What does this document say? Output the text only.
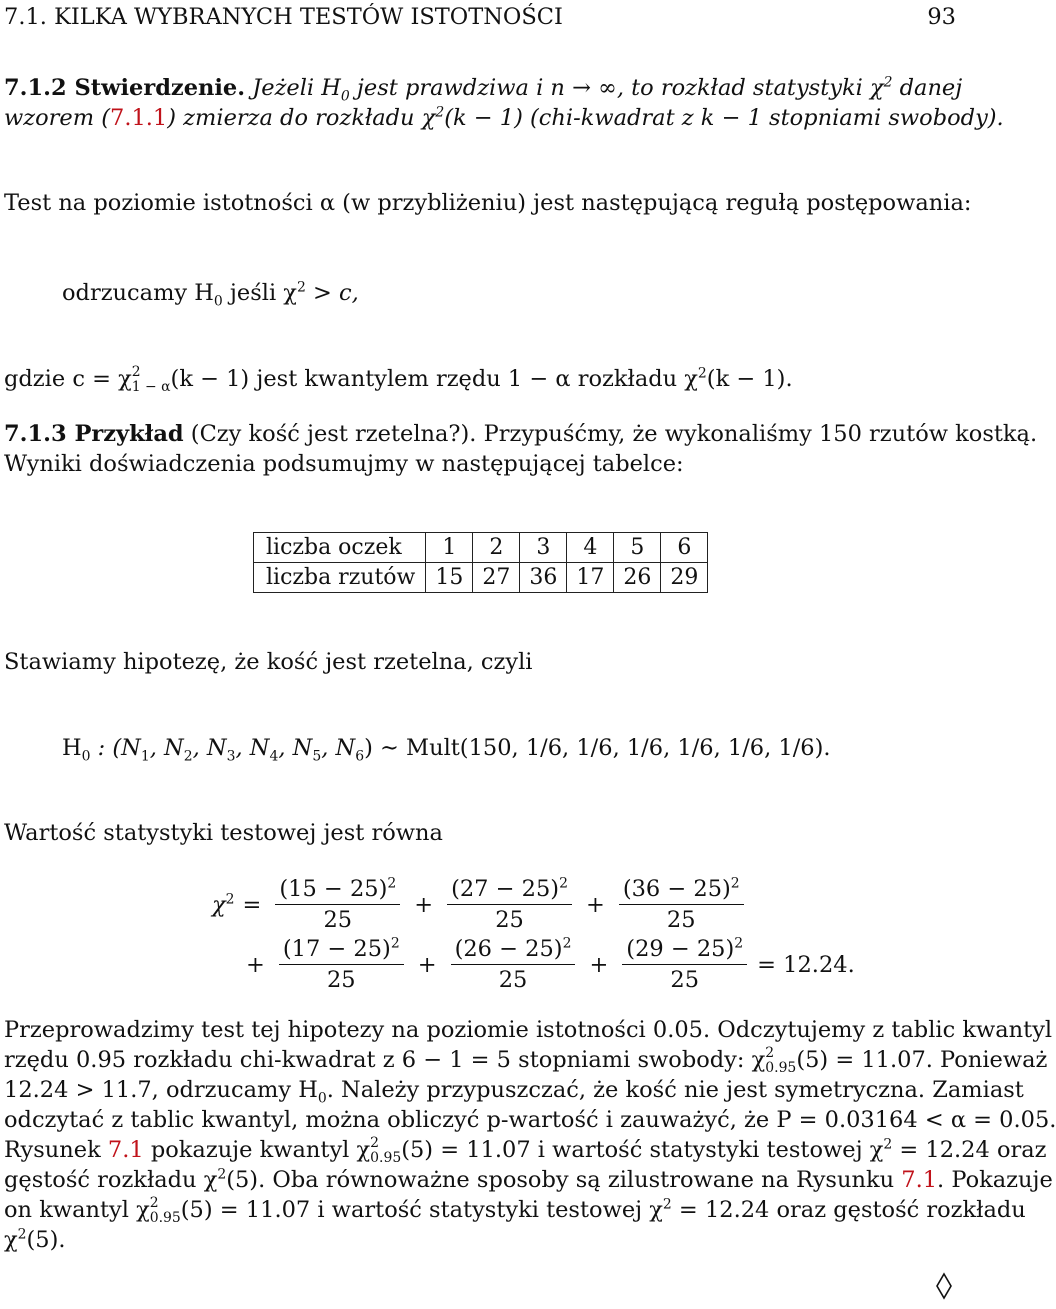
7.1. KILKA WYBRANYCH TESTÓW ISTOTNOŚCI	93
7.1.2 Stwierdzenie. Jeżeli $H_0$ jest prawdziwa i n → ∞, to rozkład statystyki $\chi^2$ danej
wzorem (7.1.1) zmierza do rozkładu $\chi^2(k - 1)$ (chi-kwadrat z k − 1 stopniami swobody).
Test na poziomie istotności α (w przybliżeniu) jest następującą regułą postępowania:
odrzucamy $H_0$ jeśli $\chi^2 > c$,
gdzie c = χ 2
1 − α (k − 1) jest kwantylem rzędu 1 − α rozkładu $\chi^2(k - 1)$.
7.1.3 Przykład (Czy kość jest rzetelna?). Przypuśćmy, że wykonaliśmy 150 rzutów kostką.
Wyniki doświadczenia podsumujmy w następującej tabelce:
liczba oczek	1	2	3	4	5	6
liczba rzutów	15	27	36	17	26	29
Stawiamy hipotezę, że kość jest rzetelna, czyli
$H_0$ : ($N_1$, $N_2$, $N_3$, $N_4$, $N_5$, $N_6$) ∼ Mult(150, 1/6, 1/6, 1/6, 1/6, 1/6, 1/6).
Wartość statystyki testowej jest równa
$\chi^2 = \frac{(15 - 25)^2}{25} + \frac{(27 - 25)^2}{25} + \frac{(36 - 25)^2}{25}$
+ $\frac{(17 - 25)^2}{25} + \frac{(26 - 25)^2}{25} + \frac{(29 - 25)^2}{25} = 12.24$.
Przeprowadzimy test tej hipotezy na poziomie istotności 0.05. Odczytujemy z tablic kwantyl
rzędu 0.95 rozkładu chi-kwadrat z 6 − 1 = 5 stopniami swobody: χ 2
0.95 (5) = 11.07. Ponieważ
12.24 > 11.7, odrzucamy $H_0$. Należy przypuszczać, że kość nie jest symetryczna. Zamiast
odczytać z tablic kwantyl, można obliczyć p-wartość i zauważyć, że P = 0.03164 < α = 0.05.
Rysunek 7.1 pokazuje kwantyl χ 2
0.95 (5) = 11.07 i wartość statystyki testowej $\chi^2 = 12.24$ oraz
gęstość rozkładu $\chi^2(5)$. Oba równoważne sposoby są zilustrowane na Rysunku 7.1. Pokazuje
on kwantyl χ 2
0.95 (5) = 11.07 i wartość statystyki testowej $\chi^2 = 12.24$ oraz gęstość rozkładu
$\chi^2(5)$.
